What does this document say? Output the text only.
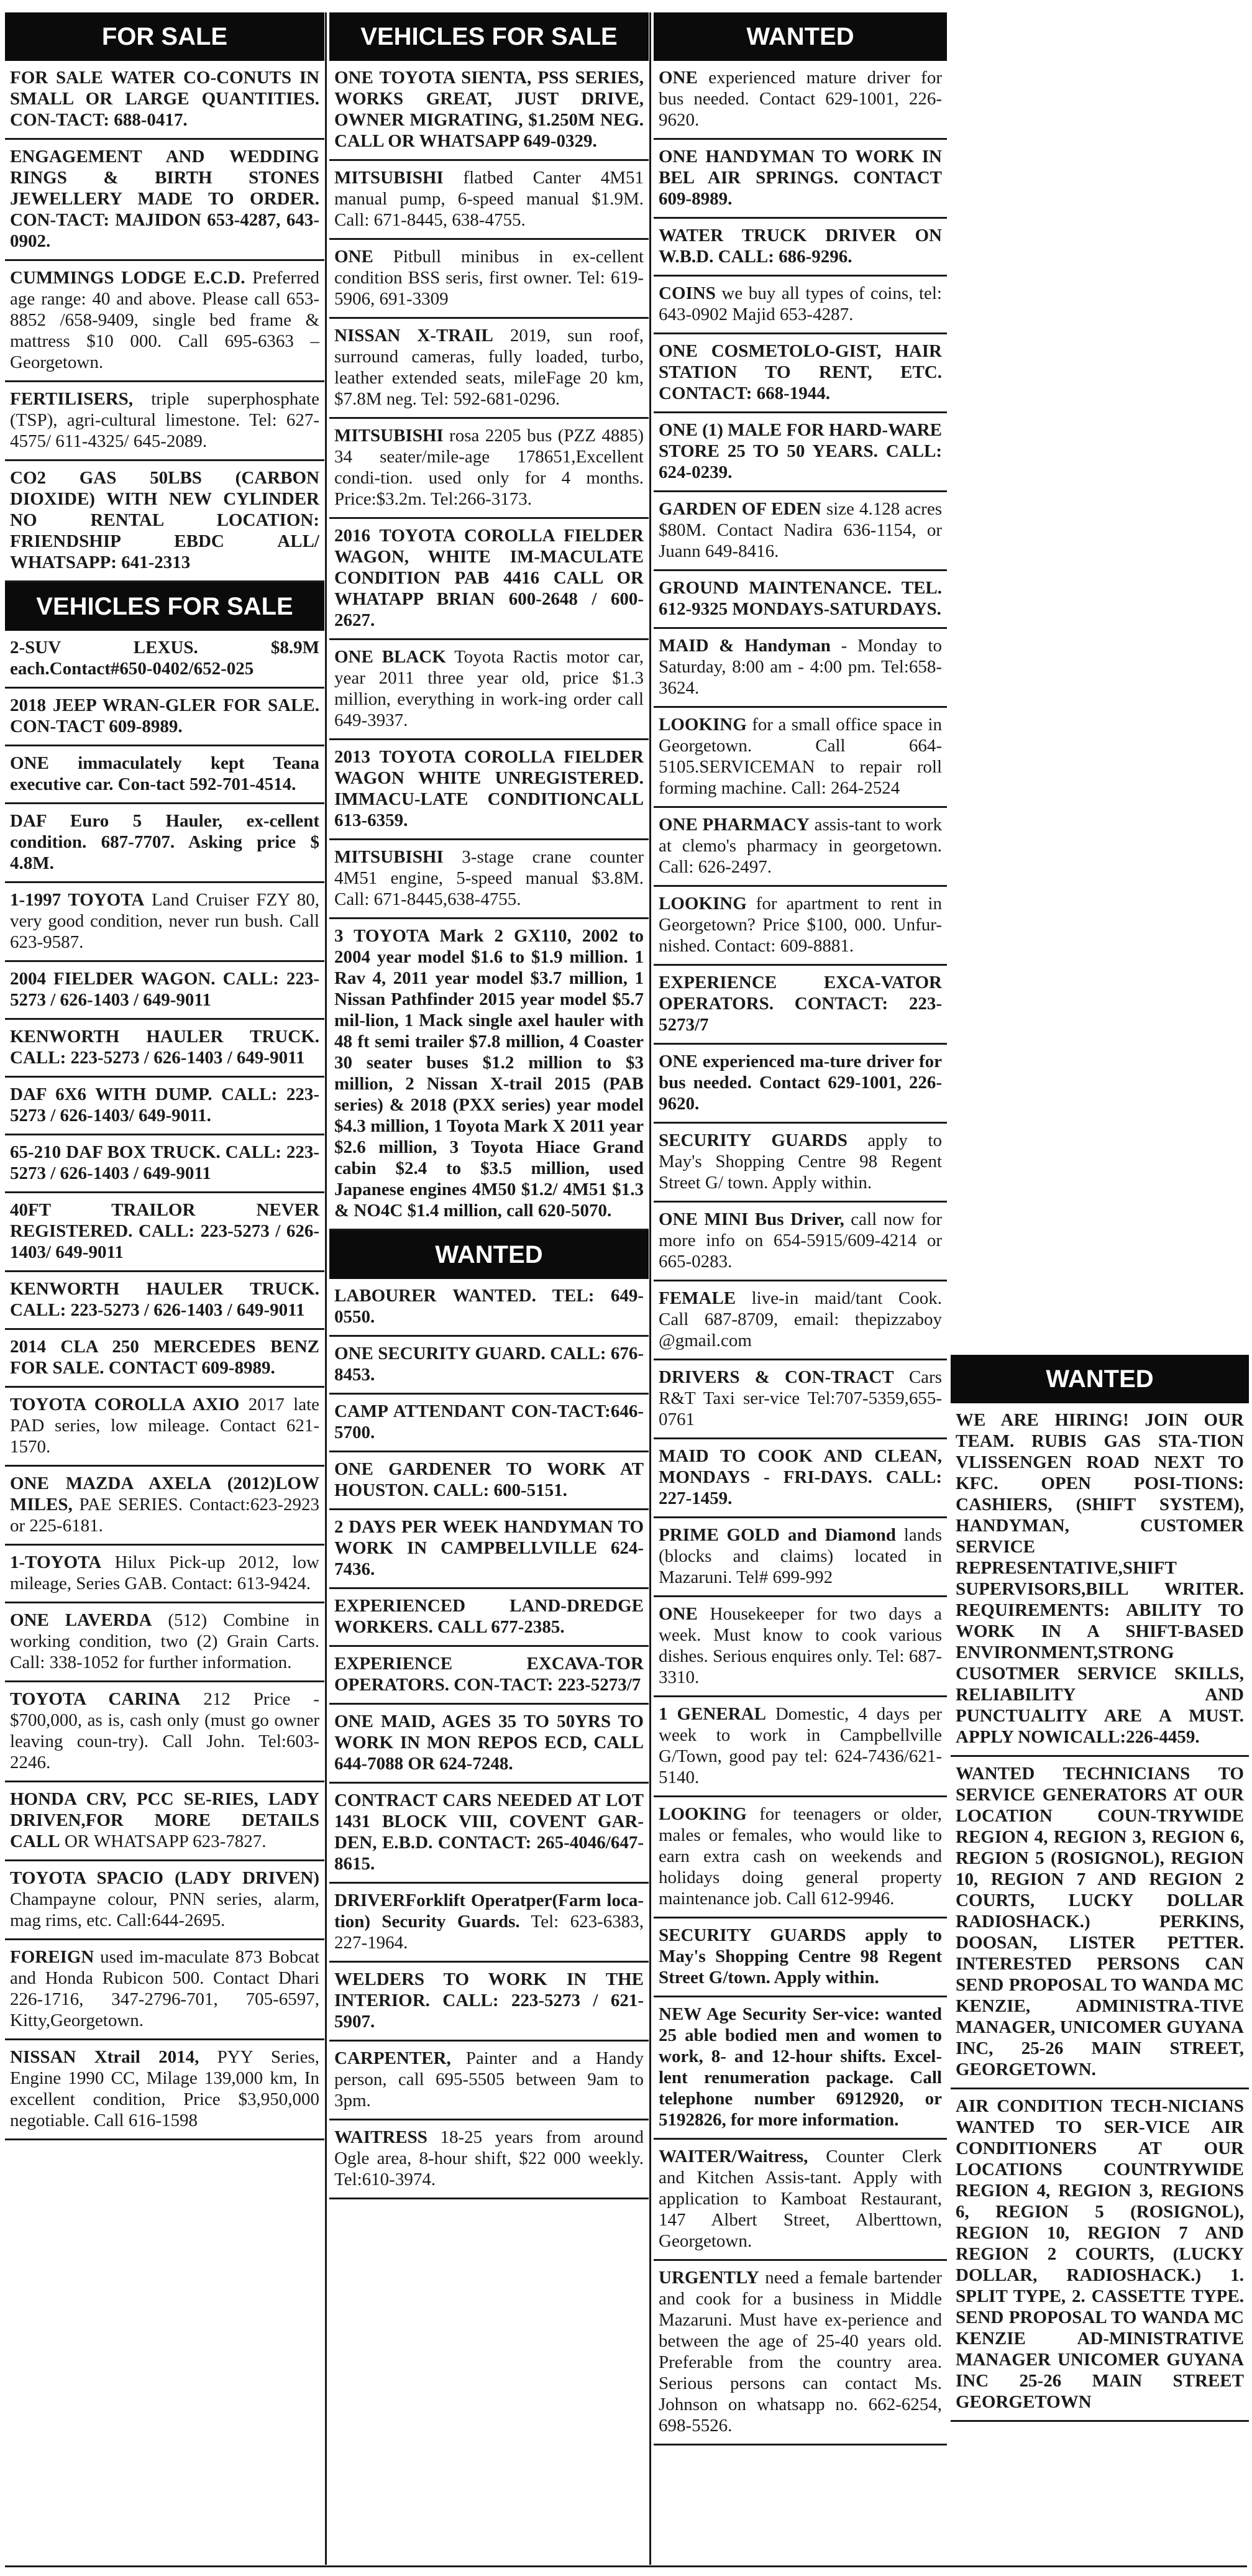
FOR SALE
FOR SALE WATER CO-CONUTS IN SMALL OR LARGE QUANTITIES. CON-TACT: 688-0417.
ENGAGEMENT AND WEDDING RINGS & BIRTH STONES JEWELLERY MADE TO ORDER. CON-TACT: MAJIDON 653-4287, 643-0902.
CUMMINGS LODGE E.C.D. Preferred age range: 40 and above. Please call 653-8852 /658-9409, single bed frame & mattress $10 000. Call 695-6363 – Georgetown.
FERTILISERS, triple superphosphate (TSP), agri-cultural limestone. Tel: 627-4575/ 611-4325/ 645-2089.
CO2 GAS 50LBS (CARBON DIOXIDE) WITH NEW CYLINDER NO RENTAL LOCATION: FRIENDSHIP EBDC ALL/ WHATSAPP: 641-2313
VEHICLES FOR SALE
2-SUV LEXUS. $8.9M each.Contact#650-0402/652-025
2018 JEEP WRAN-GLER FOR SALE. CON-TACT 609-8989.
ONE immaculately kept Teana executive car. Con-tact 592-701-4514.
DAF Euro 5 Hauler, ex-cellent condition. 687-7707. Asking price $ 4.8M.
1-1997 TOYOTA Land Cruiser FZY 80, very good condition, never run bush. Call 623-9587.
2004 FIELDER WAGON. CALL: 223-5273 / 626-1403 / 649-9011
KENWORTH HAULER TRUCK. CALL: 223-5273 / 626-1403 / 649-9011
DAF 6X6 WITH DUMP. CALL: 223-5273 / 626-1403/ 649-9011.
65-210 DAF BOX TRUCK. CALL: 223-5273 / 626-1403 / 649-9011
40FT TRAILOR NEVER REGISTERED. CALL: 223-5273 / 626-1403/ 649-9011
KENWORTH HAULER TRUCK. CALL: 223-5273 / 626-1403 / 649-9011
2014 CLA 250 MERCEDES BENZ FOR SALE. CONTACT 609-8989.
TOYOTA COROLLA AXIO 2017 late PAD series, low mileage. Contact 621-1570.
ONE MAZDA AXELA (2012)LOW MILES, PAE SERIES. Contact:623-2923 or 225-6181.
1-TOYOTA Hilux Pick-up 2012, low mileage, Series GAB. Contact: 613-9424.
ONE LAVERDA (512) Combine in working condition, two (2) Grain Carts. Call: 338-1052 for further information.
TOYOTA CARINA 212 Price - $700,000, as is, cash only (must go owner leaving coun-try). Call John. Tel:603-2246.
HONDA CRV, PCC SE-RIES, LADY DRIVEN,FOR MORE DETAILS CALL OR WHATSAPP 623-7827.
TOYOTA SPACIO (LADY DRIVEN) Champayne colour, PNN series, alarm, mag rims, etc. Call:644-2695.
FOREIGN used im-maculate 873 Bobcat and Honda Rubicon 500. Contact Dhari 226-1716, 347-2796-701, 705-6597, Kitty,Georgetown.
NISSAN Xtrail 2014, PYY Series, Engine 1990 CC, Milage 139,000 km, In excellent condition, Price $3,950,000 negotiable. Call 616-1598
VEHICLES FOR SALE
ONE TOYOTA SIENTA, PSS SERIES, WORKS GREAT, JUST DRIVE, OWNER MIGRATING, $1.250M NEG. CALL OR WHATSAPP 649-0329.
MITSUBISHI flatbed Canter 4M51 manual pump, 6-speed manual $1.9M. Call: 671-8445, 638-4755.
ONE Pitbull minibus in ex-cellent condition BSS seris, first owner. Tel: 619-5906, 691-3309
NISSAN X-TRAIL 2019, sun roof, surround cameras, fully loaded, turbo, leather extended seats, mileFage 20 km, $7.8M neg. Tel: 592-681-0296.
MITSUBISHI rosa 2205 bus (PZZ 4885) 34 seater/mile-age 178651,Excellent condi-tion. used only for 4 months. Price:$3.2m. Tel:266-3173.
2016 TOYOTA COROLLA FIELDER WAGON, WHITE IM-MACULATE CONDITION PAB 4416 CALL OR WHATAPP BRIAN 600-2648 / 600-2627.
ONE BLACK Toyota Ractis motor car, year 2011 three year old, price $1.3 million, everything in work-ing order call 649-3937.
2013 TOYOTA COROLLA FIELDER WAGON WHITE UNREGISTERED. IMMACU-LATE CONDITIONCALL 613-6359.
MITSUBISHI 3-stage crane counter 4M51 engine, 5-speed manual $3.8M. Call: 671-8445,638-4755.
3 TOYOTA Mark 2 GX110, 2002 to 2004 year model $1.6 to $1.9 million. 1 Rav 4, 2011 year model $3.7 million, 1 Nissan Pathfinder 2015 year model $5.7 mil-lion, 1 Mack single axel hauler with 48 ft semi trailer $7.8 million, 4 Coaster 30 seater buses $1.2 million to $3 million, 2 Nissan X-trail 2015 (PAB series) & 2018 (PXX series) year model $4.3 million, 1 Toyota Mark X 2011 year $2.6 million, 3 Toyota Hiace Grand cabin $2.4 to $3.5 million, used Japanese engines 4M50 $1.2/ 4M51 $1.3 & NO4C $1.4 million, call 620-5070.
WANTED
LABOURER WANTED. TEL: 649-0550.
ONE SECURITY GUARD. CALL: 676-8453.
CAMP ATTENDANT CON-TACT:646-5700.
ONE GARDENER TO WORK AT HOUSTON. CALL: 600-5151.
2 DAYS PER WEEK HANDYMAN TO WORK IN CAMPBELLVILLE 624-7436.
EXPERIENCED LAND-DREDGE WORKERS. CALL 677-2385.
EXPERIENCE EXCAVA-TOR OPERATORS. CON-TACT: 223-5273/7
ONE MAID, AGES 35 TO 50YRS TO WORK IN MON REPOS ECD, CALL 644-7088 OR 624-7248.
CONTRACT CARS NEEDED AT LOT 1431 BLOCK VIII, COVENT GAR-DEN, E.B.D. CONTACT: 265-4046/647-8615.
DRIVERForklift Operatper(Farm loca-tion) Security Guards. Tel: 623-6383, 227-1964.
WELDERS TO WORK IN THE INTERIOR. CALL: 223-5273 / 621-5907.
CARPENTER, Painter and a Handy person, call 695-5505 between 9am to 3pm.
WAITRESS 18-25 years from around Ogle area, 8-hour shift, $22 000 weekly. Tel:610-3974.
WANTED
ONE experienced mature driver for bus needed. Contact 629-1001, 226-9620.
ONE HANDYMAN TO WORK IN BEL AIR SPRINGS. CONTACT 609-8989.
WATER TRUCK DRIVER ON W.B.D. CALL: 686-9296.
COINS we buy all types of coins, tel: 643-0902 Majid 653-4287.
ONE COSMETOLO-GIST, HAIR STATION TO RENT, ETC. CONTACT: 668-1944.
ONE (1) MALE FOR HARD-WARE STORE 25 TO 50 YEARS. CALL: 624-0239.
GARDEN OF EDEN size 4.128 acres $80M. Contact Nadira 636-1154, or Juann 649-8416.
GROUND MAINTENANCE. TEL. 612-9325 MONDAYS-SATURDAYS.
MAID & Handyman - Monday to Saturday, 8:00 am - 4:00 pm. Tel:658-3624.
LOOKING for a small office space in Georgetown. Call 664-5105.SERVICEMAN to repair roll forming machine. Call: 264-2524
ONE PHARMACY assis-tant to work at clemo's pharmacy in georgetown. Call: 626-2497.
LOOKING for apartment to rent in Georgetown? Price $100, 000. Unfur-nished. Contact: 609-8881.
EXPERIENCE EXCA-VATOR OPERATORS. CONTACT: 223-5273/7
ONE experienced ma-ture driver for bus needed. Contact 629-1001, 226-9620.
SECURITY GUARDS apply to May's Shopping Centre 98 Regent Street G/ town. Apply within.
ONE MINI Bus Driver, call now for more info on 654-5915/609-4214 or 665-0283.
FEMALE live-in maid/tant Cook. Call 687-8709, email: thepizzaboy @gmail.com
DRIVERS & CON-TRACT Cars R&T Taxi ser-vice Tel:707-5359,655-0761
MAID TO COOK AND CLEAN, MONDAYS - FRI-DAYS. CALL: 227-1459.
PRIME GOLD and Diamond lands (blocks and claims) located in Mazaruni. Tel# 699-992
ONE Housekeeper for two days a week. Must know to cook various dishes. Serious enquires only. Tel: 687-3310.
1 GENERAL Domestic, 4 days per week to work in Campbellville G/Town, good pay tel: 624-7436/621-5140.
LOOKING for teenagers or older, males or females, who would like to earn extra cash on weekends and holidays doing general property maintenance job. Call 612-9946.
SECURITY GUARDS apply to May's Shopping Centre 98 Regent Street G/town. Apply within.
NEW Age Security Ser-vice: wanted 25 able bodied men and women to work, 8- and 12-hour shifts. Excel-lent renumeration package. Call telephone number 6912920, or 5192826, for more information.
WAITER/Waitress, Counter Clerk and Kitchen Assis-tant. Apply with application to Kamboat Restaurant, 147 Albert Street, Alberttown, Georgetown.
URGENTLY need a female bartender and cook for a business in Middle Mazaruni. Must have ex-perience and between the age of 25-40 years old. Preferable from the country area. Serious persons can contact Ms. Johnson on whatsapp no. 662-6254, 698-5526.
WANTED
WE ARE HIRING! JOIN OUR TEAM. RUBIS GAS STA-TION VLISSENGEN ROAD NEXT TO KFC. OPEN POSI-TIONS: CASHIERS, (SHIFT SYSTEM), HANDYMAN, CUSTOMER SERVICE REPRESENTATIVE,SHIFT SUPERVISORS,BILL WRITER. REQUIREMENTS: ABILITY TO WORK IN A SHIFT-BASED ENVIRONMENT,STRONG CUSOTMER SERVICE SKILLS, RELIABILITY AND PUNCTUALITY ARE A MUST. APPLY NOWICALL:226-4459.
WANTED TECHNICIANS TO SERVICE GENERATORS AT OUR LOCATION COUN-TRYWIDE REGION 4, REGION 3, REGION 6, REGION 5 (ROSIGNOL), REGION 10, REGION 7 AND REGION 2 COURTS, LUCKY DOLLAR RADIOSHACK.) PERKINS, DOOSAN, LISTER PETTER. INTERESTED PERSONS CAN SEND PROPOSAL TO WANDA MC KENZIE, ADMINISTRA-TIVE MANAGER, UNICOMER GUYANA INC, 25-26 MAIN STREET, GEORGETOWN.
AIR CONDITION TECH-NICIANS WANTED TO SER-VICE AIR CONDITIONERS AT OUR LOCATIONS COUNTRYWIDE REGION 4, REGION 3, REGIONS 6, REGION 5 (ROSIGNOL), REGION 10, REGION 7 AND REGION 2 COURTS, (LUCKY DOLLAR, RADIOSHACK.) 1. SPLIT TYPE, 2. CASSETTE TYPE. SEND PROPOSAL TO WANDA MC KENZIE AD-MINISTRATIVE MANAGER UNICOMER GUYANA INC 25-26 MAIN STREET GEORGETOWN
